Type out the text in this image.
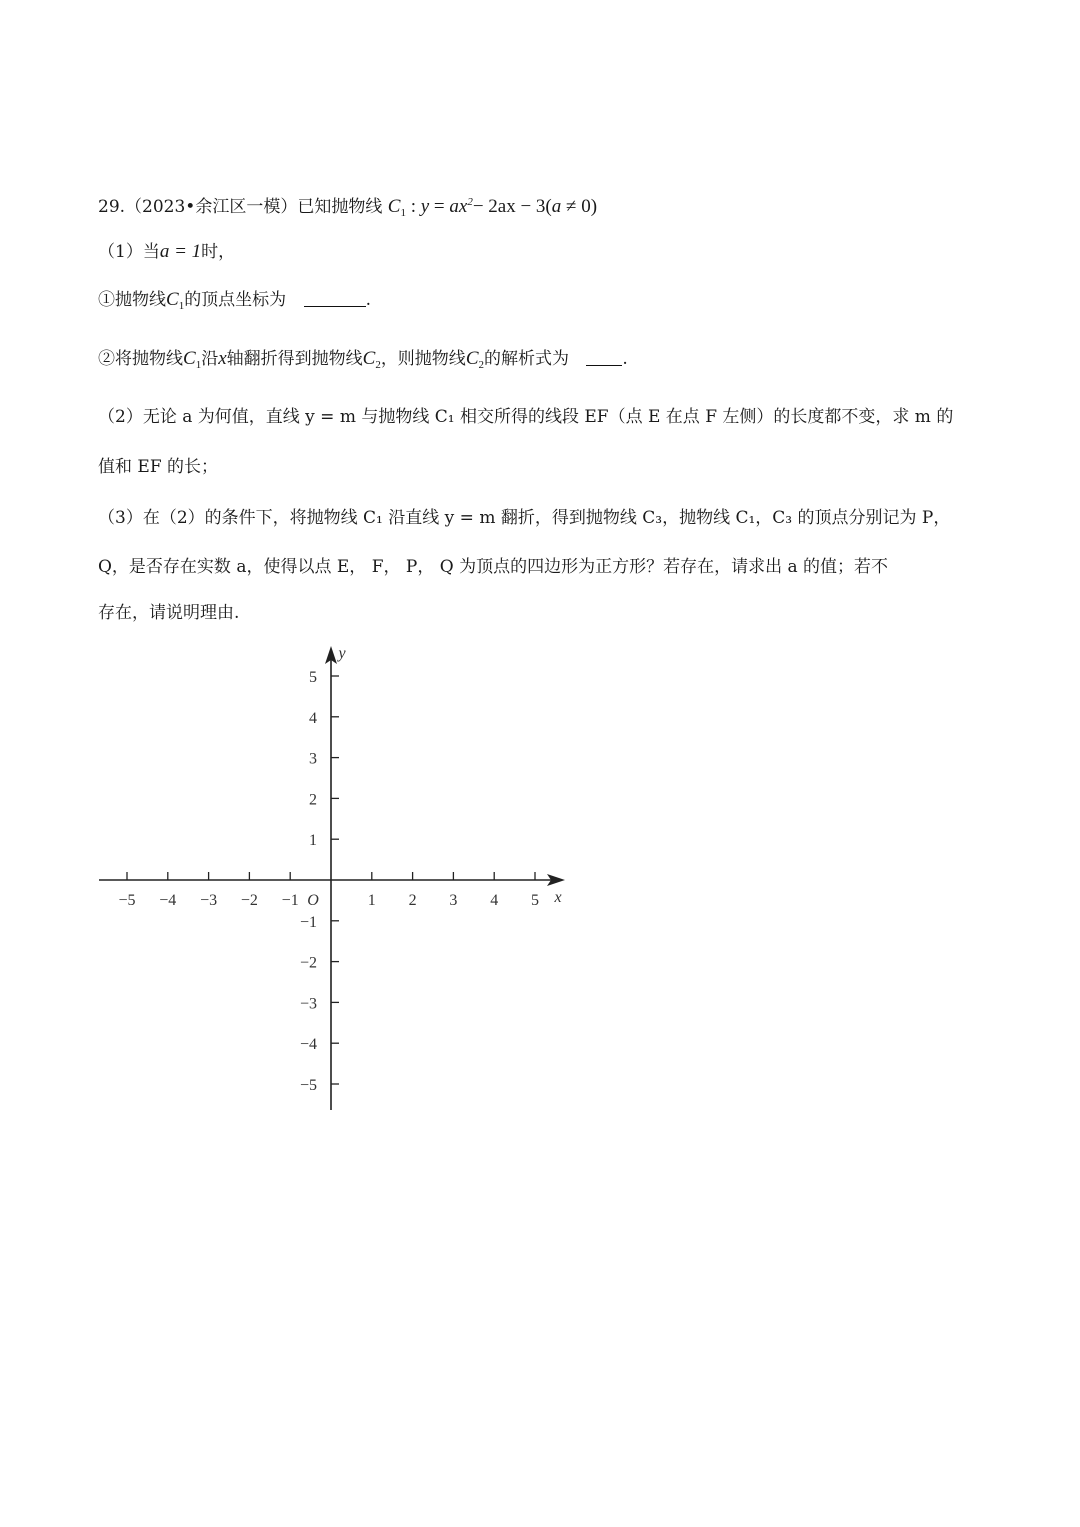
29.（2023•余江区一模）已知抛物线 $C_1$ : $y = ax^2- 2ax - 3(a \ne 0)$
（1）当a = 1时，
①抛物线$C_1$的顶点坐标为	.
②将抛物线$C_1$沿x轴翻折得到抛物线$C_2$，则抛物线$C_2$的解析式为	.
（2）无论 a 为何值，直线 y = m 与抛物线 C₁ 相交所得的线段 EF（点 E 在点 F 左侧）的长度都不变，求 m 的
值和 EF 的长；
（3）在（2）的条件下，将抛物线 C₁ 沿直线 y = m 翻折，得到抛物线 C₃，抛物线 C₁，C₃ 的顶点分别记为 P，
Q，是否存在实数 a，使得以点 E， F， P， Q 为顶点的四边形为正方形？若存在，请求出 a 的值；若不
存在，请说明理由.
−5 −4 −3 −2 −1	1 2 3 4 5
−5
−4
−3
−2
−1
1
2
3
4
5
O	x
y
